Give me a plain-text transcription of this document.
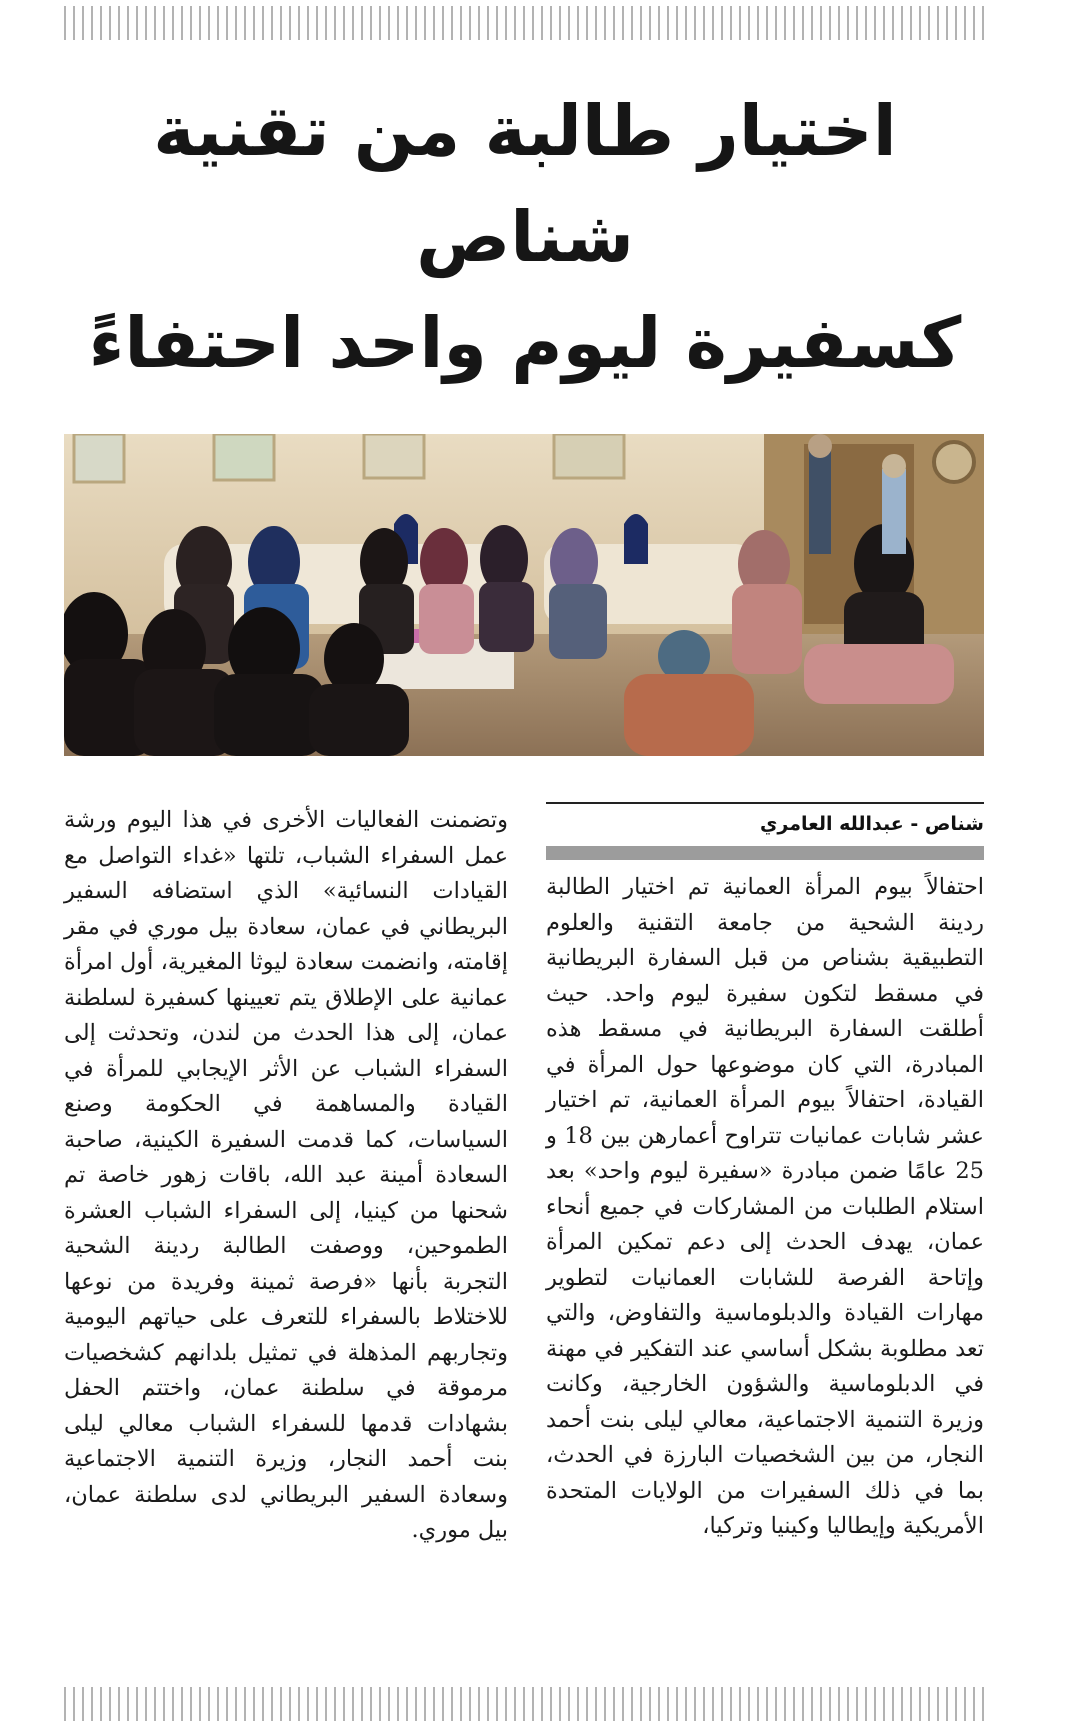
اختيار طالبة من تقنية شناص
كسفيرة ليوم واحد احتفاءً
شناص - عبدالله العامري

احتفالاً بيوم المرأة العمانية تم اختيار الطالبة ردينة الشحية من جامعة التقنية والعلوم التطبيقية بشناص من قبل السفارة البريطانية في مسقط لتكون سفيرة ليوم واحد. حيث أطلقت السفارة البريطانية في مسقط هذه المبادرة، التي كان موضوعها حول المرأة في القيادة، احتفالاً بيوم المرأة العمانية، تم اختيار عشر شابات عمانيات تتراوح أعمارهن بين 18 و 25 عامًا ضمن مبادرة «سفيرة ليوم واحد» بعد استلام الطلبات من المشاركات في جميع أنحاء عمان، يهدف الحدث إلى دعم تمكين المرأة وإتاحة الفرصة للشابات العمانيات لتطوير مهارات القيادة والدبلوماسية والتفاوض، والتي تعد مطلوبة بشكل أساسي عند التفكير في مهنة في الدبلوماسية والشؤون الخارجية، وكانت وزيرة التنمية الاجتماعية، معالي ليلى بنت أحمد النجار، من بين الشخصيات البارزة في الحدث، بما في ذلك السفيرات من الولايات المتحدة الأمريكية وإيطاليا وكينيا وتركيا،

وتضمنت الفعاليات الأخرى في هذا اليوم ورشة عمل السفراء الشباب، تلتها «غداء التواصل مع القيادات النسائية» الذي استضافه السفير البريطاني في عمان، سعادة بيل موري في مقر إقامته، وانضمت سعادة ليوثا المغيرية، أول امرأة عمانية على الإطلاق يتم تعيينها كسفيرة لسلطنة عمان، إلى هذا الحدث من لندن، وتحدثت إلى السفراء الشباب عن الأثر الإيجابي للمرأة في القيادة والمساهمة في الحكومة وصنع السياسات، كما قدمت السفيرة الكينية، صاحبة السعادة أمينة عبد الله، باقات زهور خاصة تم شحنها من كينيا، إلى السفراء الشباب العشرة الطموحين، ووصفت الطالبة ردينة الشحية التجربة بأنها «فرصة ثمينة وفريدة من نوعها للاختلاط بالسفراء للتعرف على حياتهم اليومية وتجاربهم المذهلة في تمثيل بلدانهم كشخصيات مرموقة في سلطنة عمان، واختتم الحفل بشهادات قدمها للسفراء الشباب معالي ليلى بنت أحمد النجار، وزيرة التنمية الاجتماعية وسعادة السفير البريطاني لدى سلطنة عمان، بيل موري.
